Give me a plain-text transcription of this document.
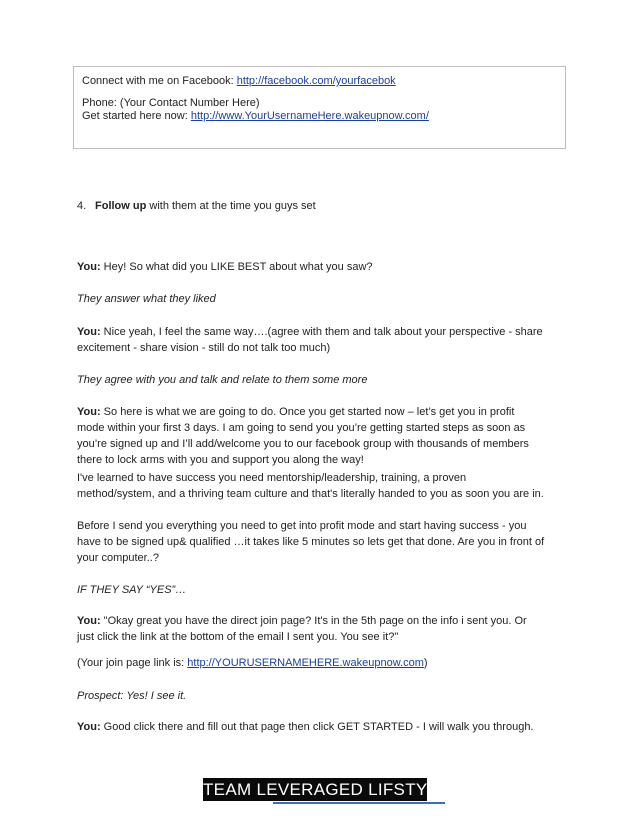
Connect with me on Facebook: http://facebook.com/yourfacebok
Phone: (Your Contact Number Here)
Get started here now: http://www.YourUsernameHere.wakeupnow.com/
4. Follow up with them at the time you guys set
You: Hey! So what did you LIKE BEST about what you saw?
They answer what they liked
You: Nice yeah, I feel the same way….(agree with them and talk about your perspective - share
excitement - share vision - still do not talk too much)
They agree with you and talk and relate to them some more
You: So here is what we are going to do. Once you get started now – let’s get you in profit
mode within your first 3 days. I am going to send you you’re getting started steps as soon as
you’re signed up and I’ll add/welcome you to our facebook group with thousands of members
there to lock arms with you and support you along the way!
I've learned to have success you need mentorship/leadership, training, a proven
method/system, and a thriving team culture and that's literally handed to you as soon you are in.
Before I send you everything you need to get into profit mode and start having success - you
have to be signed up& qualified …it takes like 5 minutes so lets get that done. Are you in front of
your computer..?
IF THEY SAY “YES”…
You: "Okay great you have the direct join page? It's in the 5th page on the info i sent you. Or
just click the link at the bottom of the email I sent you. You see it?"
(Your join page link is: http://YOURUSERNAMEHERE.wakeupnow.com)
Prospect: Yes! I see it.
You: Good click there and fill out that page then click GET STARTED - I will walk you through.
TEAM LEVERAGED LIFSTYLE
